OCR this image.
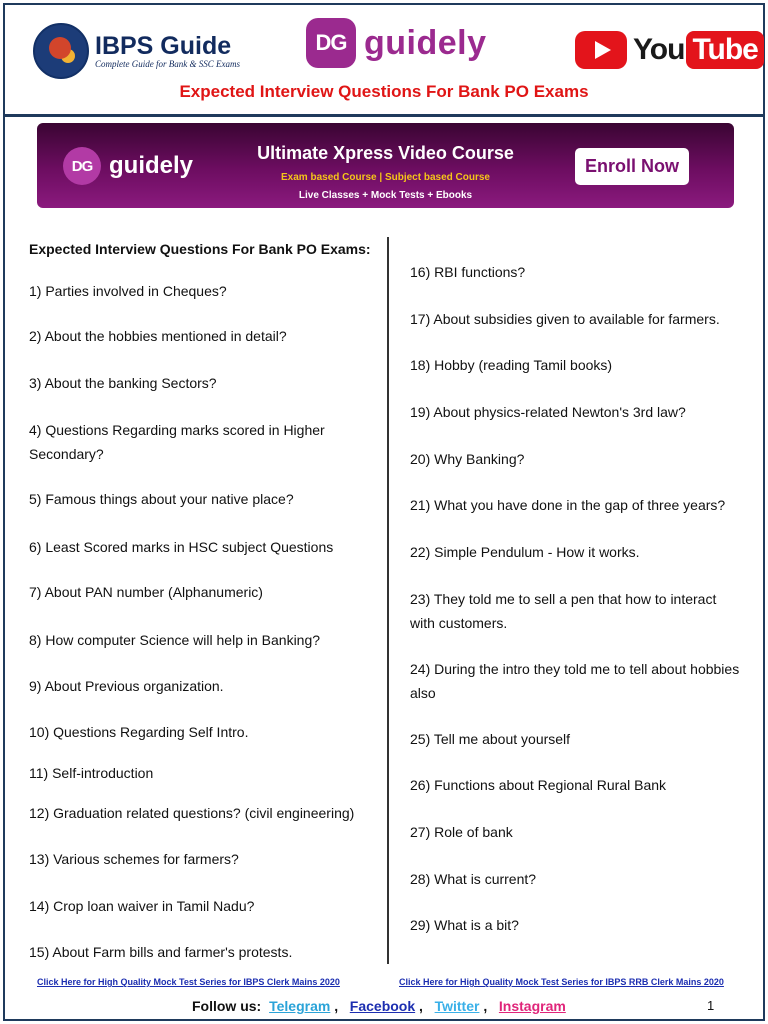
IBPS Guide
Complete Guide for Bank & SSC Exams
DG guidely	You Tube
Expected Interview Questions For Bank PO Exams
DG guidely	Ultimate Xpress Video Course
Exam based Course | Subject based Course
Live Classes + Mock Tests + Ebooks
Enroll Now
Expected Interview Questions For Bank PO Exams:
1) Parties involved in Cheques?
2) About the hobbies mentioned in detail?
3) About the banking Sectors?
4) Questions Regarding marks scored in Higher Secondary?
5) Famous things about your native place?
6) Least Scored marks in HSC subject Questions
7) About PAN number (Alphanumeric)
8) How computer Science will help in Banking?
9) About Previous organization.
10) Questions Regarding Self Intro.
11) Self-introduction
12) Graduation related questions? (civil engineering)
13) Various schemes for farmers?
14) Crop loan waiver in Tamil Nadu?
15) About Farm bills and farmer's protests.
16) RBI functions?
17) About subsidies given to available for farmers.
18) Hobby (reading Tamil books)
19) About physics-related Newton's 3rd law?
20) Why Banking?
21) What you have done in the gap of three years?
22) Simple Pendulum - How it works.
23) They told me to sell a pen that how to interact with customers.
24) During the intro they told me to tell about hobbies also
25) Tell me about yourself
26) Functions about Regional Rural Bank
27) Role of bank
28) What is current?
29) What is a bit?
Click Here for High Quality Mock Test Series for IBPS Clerk Mains 2020	Click Here for High Quality Mock Test Series for IBPS RRB Clerk Mains 2020
Follow us: Telegram ,   Facebook ,   Twitter ,   Instagram	1
